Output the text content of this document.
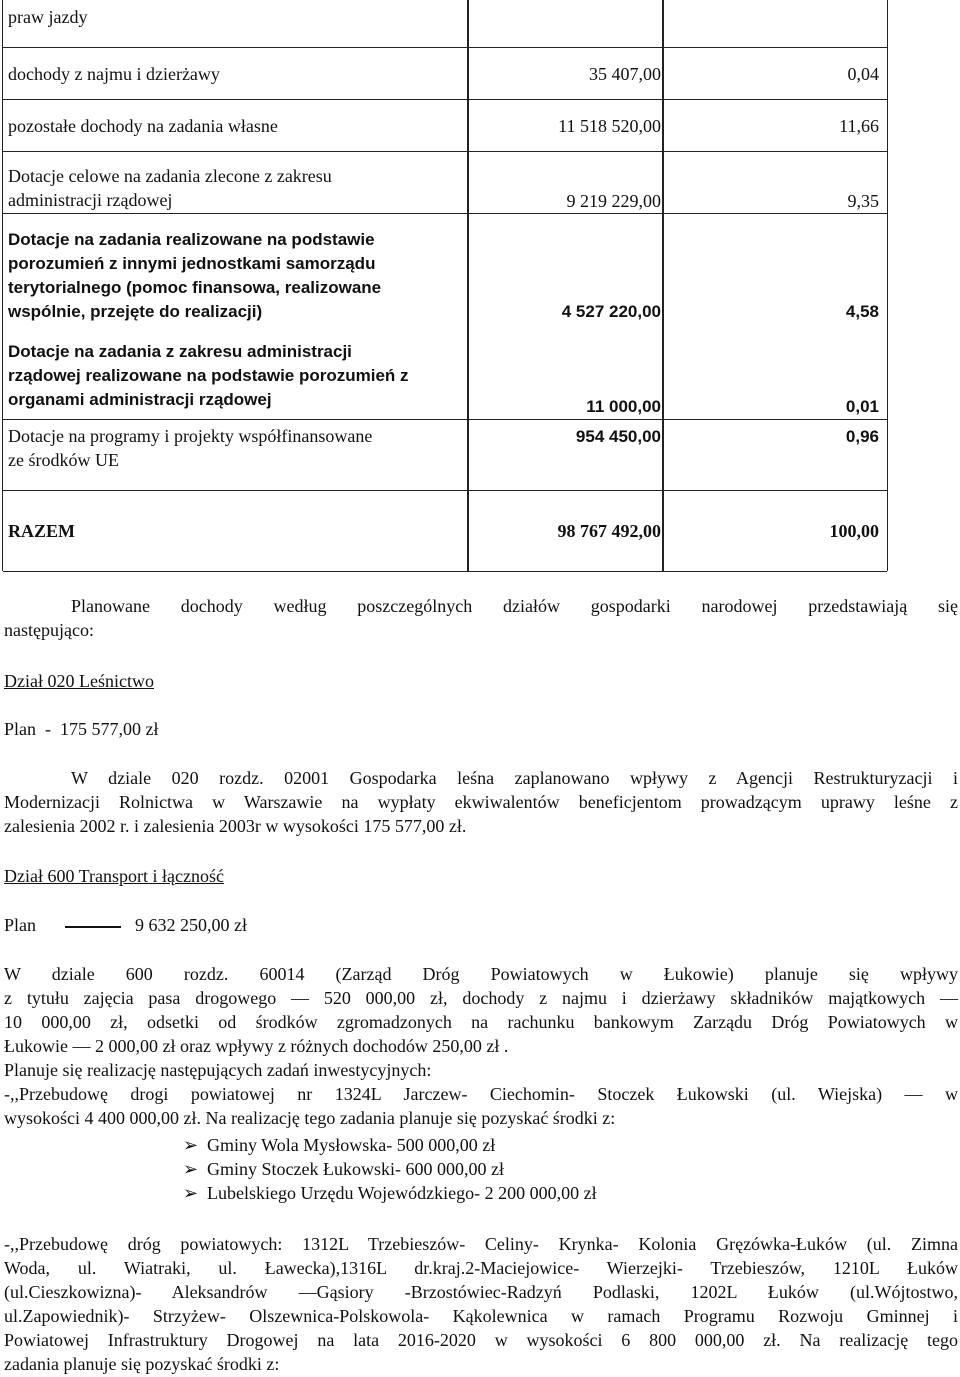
praw jazdy
dochody z najmu i dzierżawy	35 407,00	0,04
pozostałe dochody na zadania własne	11 518 520,00	11,66
Dotacje celowe na zadania zlecone z zakresu
administracji rządowej	9 219 229,00	9,35
Dotacje na zadania realizowane na podstawie
porozumień z innymi jednostkami samorządu
terytorialnego (pomoc finansowa, realizowane
wspólnie, przejęte do realizacji)	4 527 220,00	4,58
Dotacje na zadania z zakresu administracji
rządowej realizowane na podstawie porozumień z
organami administracji rządowej	11 000,00	0,01
Dotacje na programy i projekty współfinansowane
ze środków UE
954 450,00	0,96
RAZEM	98 767 492,00	100,00
Planowane dochody według poszczególnych działów gospodarki narodowej przedstawiają się
następująco:
Dział 020 Leśnictwo
Plan  -  175 577,00 zł
W dziale 020 rozdz. 02001 Gospodarka leśna zaplanowano wpływy z Agencji Restrukturyzacji i
Modernizacji Rolnictwa w Warszawie na wypłaty ekwiwalentów beneficjentom prowadzącym uprawy leśne z
zalesienia 2002 r. i zalesienia 2003r w wysokości 175 577,00 zł.
Dział 600 Transport i łączność
Plan	9 632 250,00 zł
W dziale 600 rozdz. 60014 (Zarząd Dróg Powiatowych w Łukowie) planuje się wpływy
z tytułu zajęcia pasa drogowego ― 520 000,00 zł, dochody z najmu i dzierżawy składników majątkowych ―
10 000,00 zł, odsetki od środków zgromadzonych na rachunku bankowym Zarządu Dróg Powiatowych w
Łukowie ― 2 000,00 zł oraz wpływy z różnych dochodów 250,00 zł .
Planuje się realizację następujących zadań inwestycyjnych:
-,,Przebudowę drogi powiatowej nr 1324L Jarczew- Ciechomin- Stoczek Łukowski (ul. Wiejska) ― w
wysokości 4 400 000,00 zł. Na realizację tego zadania planuje się pozyskać środki z:
➢ Gminy Wola Mysłowska- 500 000,00 zł
➢ Gminy Stoczek Łukowski- 600 000,00 zł
➢ Lubelskiego Urzędu Wojewódzkiego- 2 200 000,00 zł
-,,Przebudowę dróg powiatowych: 1312L Trzebieszów- Celiny- Krynka- Kolonia Gręzówka-Łuków (ul. Zimna
Woda, ul. Wiatraki, ul. Ławecka),1316L dr.kraj.2-Maciejowice- Wierzejki- Trzebieszów, 1210L Łuków
(ul.Cieszkowizna)- Aleksandrów ―Gąsiory -Brzostówiec-Radzyń Podlaski, 1202L Łuków (ul.Wójtostwo,
ul.Zapowiednik)- Strzyżew- Olszewnica-Polskowola- Kąkolewnica w ramach Programu Rozwoju Gminnej i
Powiatowej Infrastruktury Drogowej na lata 2016-2020 w wysokości 6 800 000,00 zł. Na realizację tego
zadania planuje się pozyskać środki z:
